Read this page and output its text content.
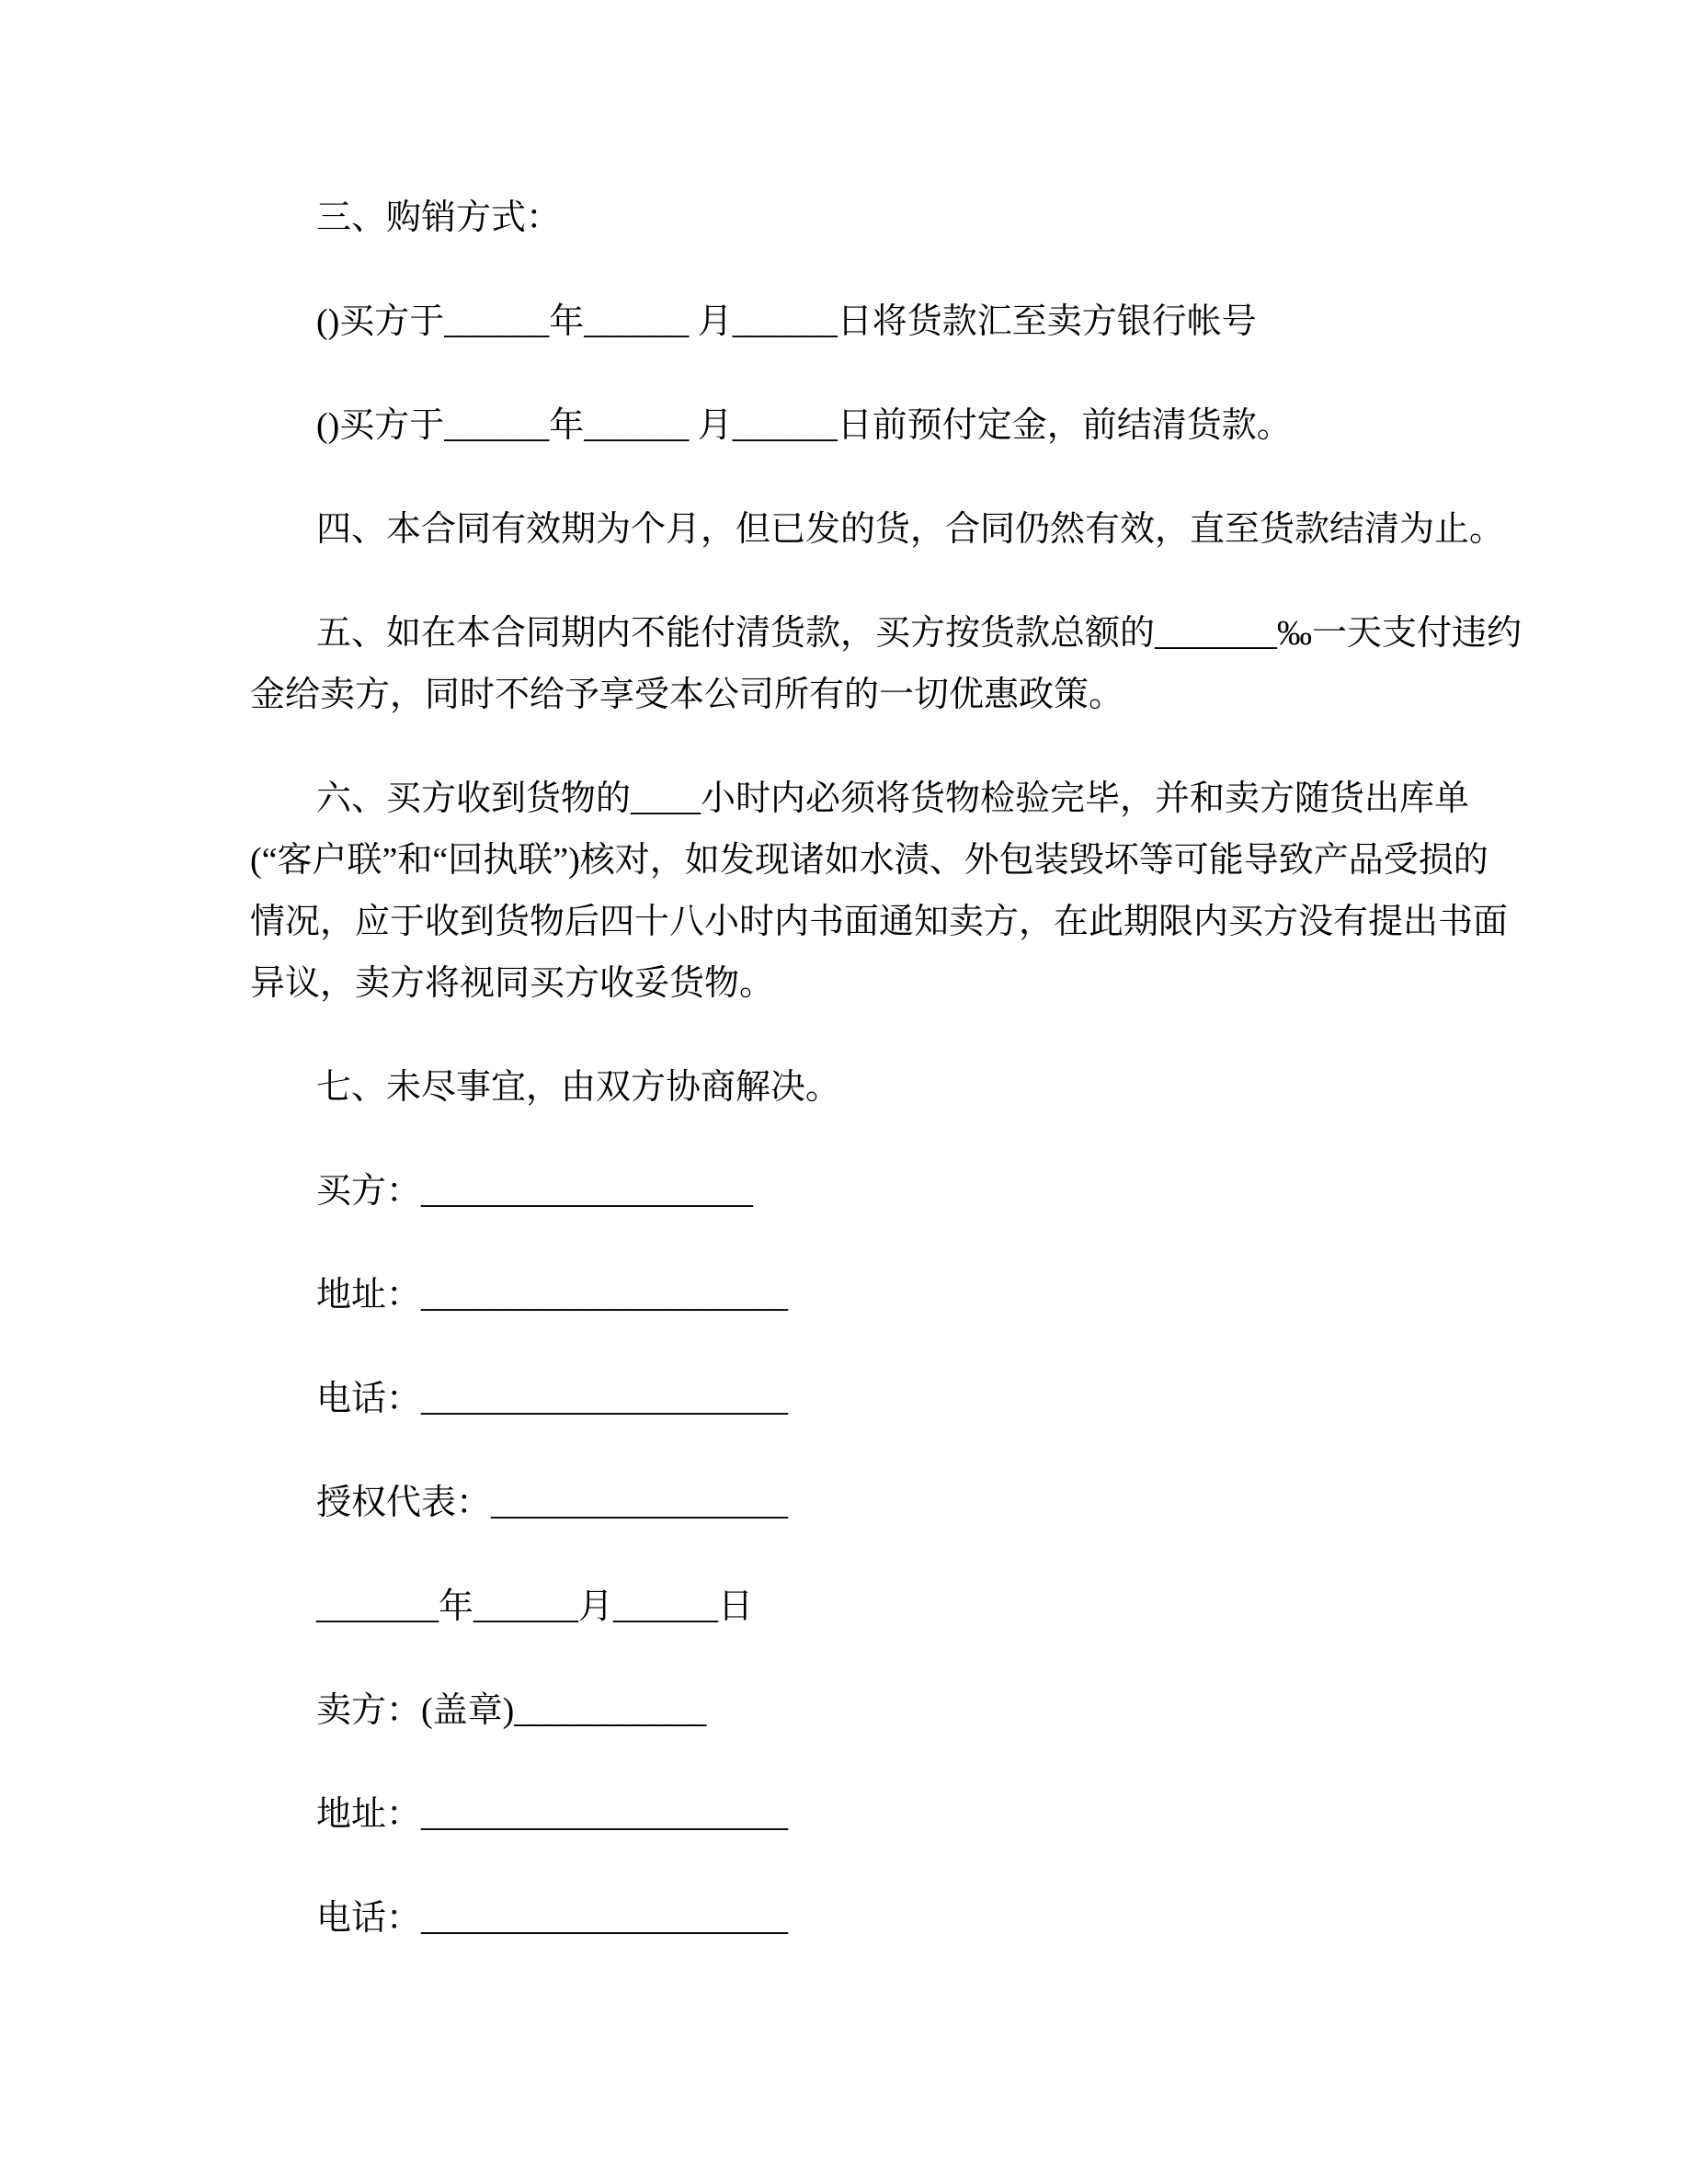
三、购销方式：
()买方于______年______ 月______日将货款汇至卖方银行帐号
()买方于______年______ 月______日前预付定金，前结清货款。
四、本合同有效期为个月，但已发的货，合同仍然有效，直至货款结清为止。
五、如在本合同期内不能付清货款，买方按货款总额的_______‰一天支付违约
金给卖方，同时不给予享受本公司所有的一切优惠政策。
六、买方收到货物的____小时内必须将货物检验完毕，并和卖方随货出库单
(“客户联”和“回执联”)核对，如发现诸如水渍、外包装毁坏等可能导致产品受损的
情况，应于收到货物后四十八小时内书面通知卖方，在此期限内买方没有提出书面
异议，卖方将视同买方收妥货物。
七、未尽事宜，由双方协商解决。
买方：___________________
地址：_____________________
电话：_____________________
授权代表：_________________
_______年______月______日
卖方：(盖章)___________
地址：_____________________
电话：_____________________
